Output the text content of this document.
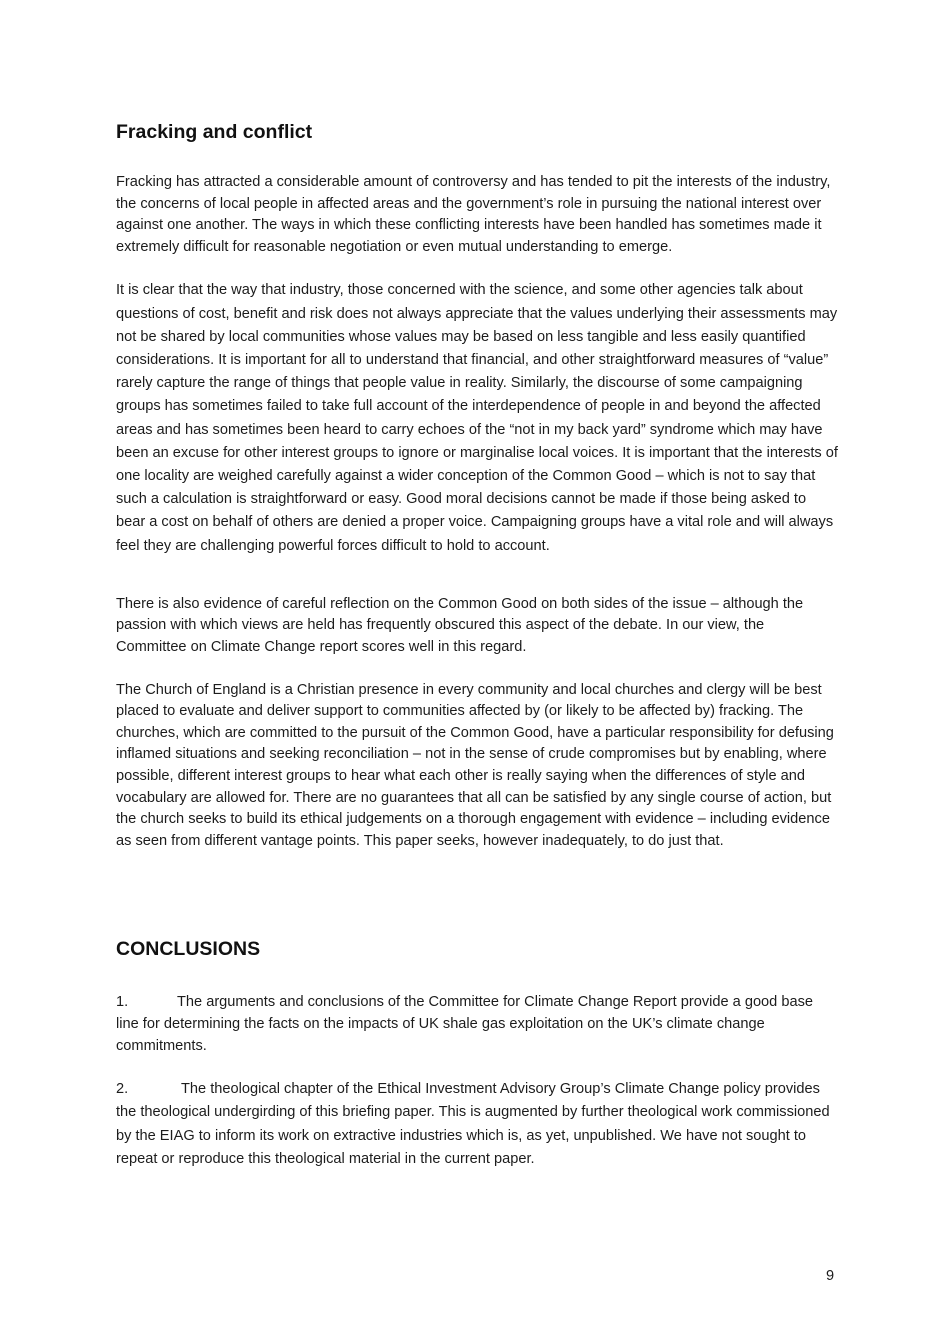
Fracking and conflict

Fracking has attracted a considerable amount of controversy and has tended to pit the interests of the industry, the concerns of local people in affected areas and the government’s role in pursuing the national interest over against one another. The ways in which these conflicting interests have been handled has sometimes made it extremely difficult for reasonable negotiation or even mutual understanding to emerge.

It is clear that the way that industry, those concerned with the science, and some other agencies talk about questions of cost, benefit and risk does not always appreciate that the values underlying their assessments may not be shared by local communities whose values may be based on less tangible and less easily quantified considerations. It is important for all to understand that financial, and other straightforward measures of “value” rarely capture the range of things that people value in reality. Similarly, the discourse of some campaigning groups has sometimes failed to take full account of the interdependence of people in and beyond the affected areas and has sometimes been heard to carry echoes of the “not in my back yard” syndrome which may have been an excuse for other interest groups to ignore or marginalise local voices. It is important that the interests of one locality are weighed carefully against a wider conception of the Common Good – which is not to say that such a calculation is straightforward or easy. Good moral decisions cannot be made if those being asked to bear a cost on behalf of others are denied a proper voice. Campaigning groups have a vital role and will always feel they are challenging powerful forces difficult to hold to account.

There is also evidence of careful reflection on the Common Good on both sides of the issue – although the passion with which views are held has frequently obscured this aspect of the debate. In our view, the Committee on Climate Change report scores well in this regard.

The Church of England is a Christian presence in every community and local churches and clergy will be best placed to evaluate and deliver support to communities affected by (or likely to be affected by) fracking. The churches, which are committed to the pursuit of the Common Good, have a particular responsibility for defusing inflamed situations and seeking reconciliation – not in the sense of crude compromises but by enabling, where possible, different interest groups to hear what each other is really saying when the differences of style and vocabulary are allowed for. There are no guarantees that all can be satisfied by any single course of action, but the church seeks to build its ethical judgements on a thorough engagement with evidence – including evidence as seen from different vantage points. This paper seeks, however inadequately, to do just that.

CONCLUSIONS

1.	The arguments and conclusions of the Committee for Climate Change Report provide a good base line for determining the facts on the impacts of UK shale gas exploitation on the UK’s climate change commitments.

2.	The theological chapter of the Ethical Investment Advisory Group’s Climate Change policy provides the theological undergirding of this briefing paper. This is augmented by further theological work commissioned by the EIAG to inform its work on extractive industries which is, as yet, unpublished. We have not sought to repeat or reproduce this theological material in the current paper.

9
